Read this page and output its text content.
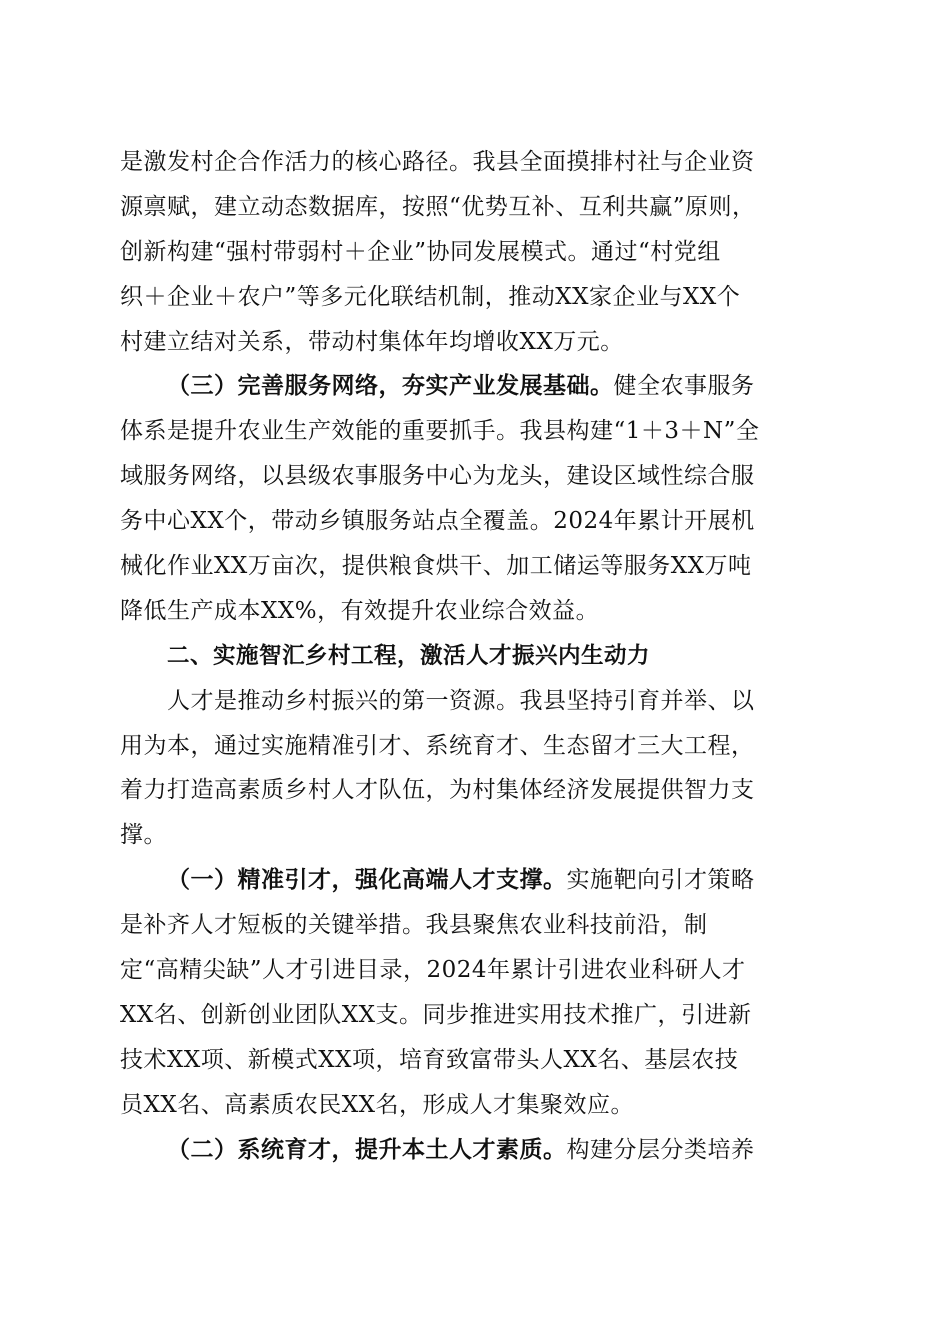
是激发村企合作活力的核心路径。我县全面摸排村社与企业资
源禀赋，建立动态数据库，按照“优势互补、互利共赢”原则，
创新构建“强村带弱村＋企业”协同发展模式。通过“村党组
织＋企业＋农户”等多元化联结机制，推动XX家企业与XX个
村建立结对关系，带动村集体年均增收XX万元。
（三）完善服务网络，夯实产业发展基础。健全农事服务
体系是提升农业生产效能的重要抓手。我县构建“1＋3＋N”全
域服务网络，以县级农事服务中心为龙头，建设区域性综合服
务中心XX个，带动乡镇服务站点全覆盖。2024年累计开展机
械化作业XX万亩次，提供粮食烘干、加工储运等服务XX万吨
降低生产成本XX%，有效提升农业综合效益。
二、实施智汇乡村工程，激活人才振兴内生动力
人才是推动乡村振兴的第一资源。我县坚持引育并举、以
用为本，通过实施精准引才、系统育才、生态留才三大工程，
着力打造高素质乡村人才队伍，为村集体经济发展提供智力支
撑。
（一）精准引才，强化高端人才支撑。实施靶向引才策略
是补齐人才短板的关键举措。我县聚焦农业科技前沿，制
定“高精尖缺”人才引进目录，2024年累计引进农业科研人才
XX名、创新创业团队XX支。同步推进实用技术推广，引进新
技术XX项、新模式XX项，培育致富带头人XX名、基层农技
员XX名、高素质农民XX名，形成人才集聚效应。
（二）系统育才，提升本土人才素质。构建分层分类培养
